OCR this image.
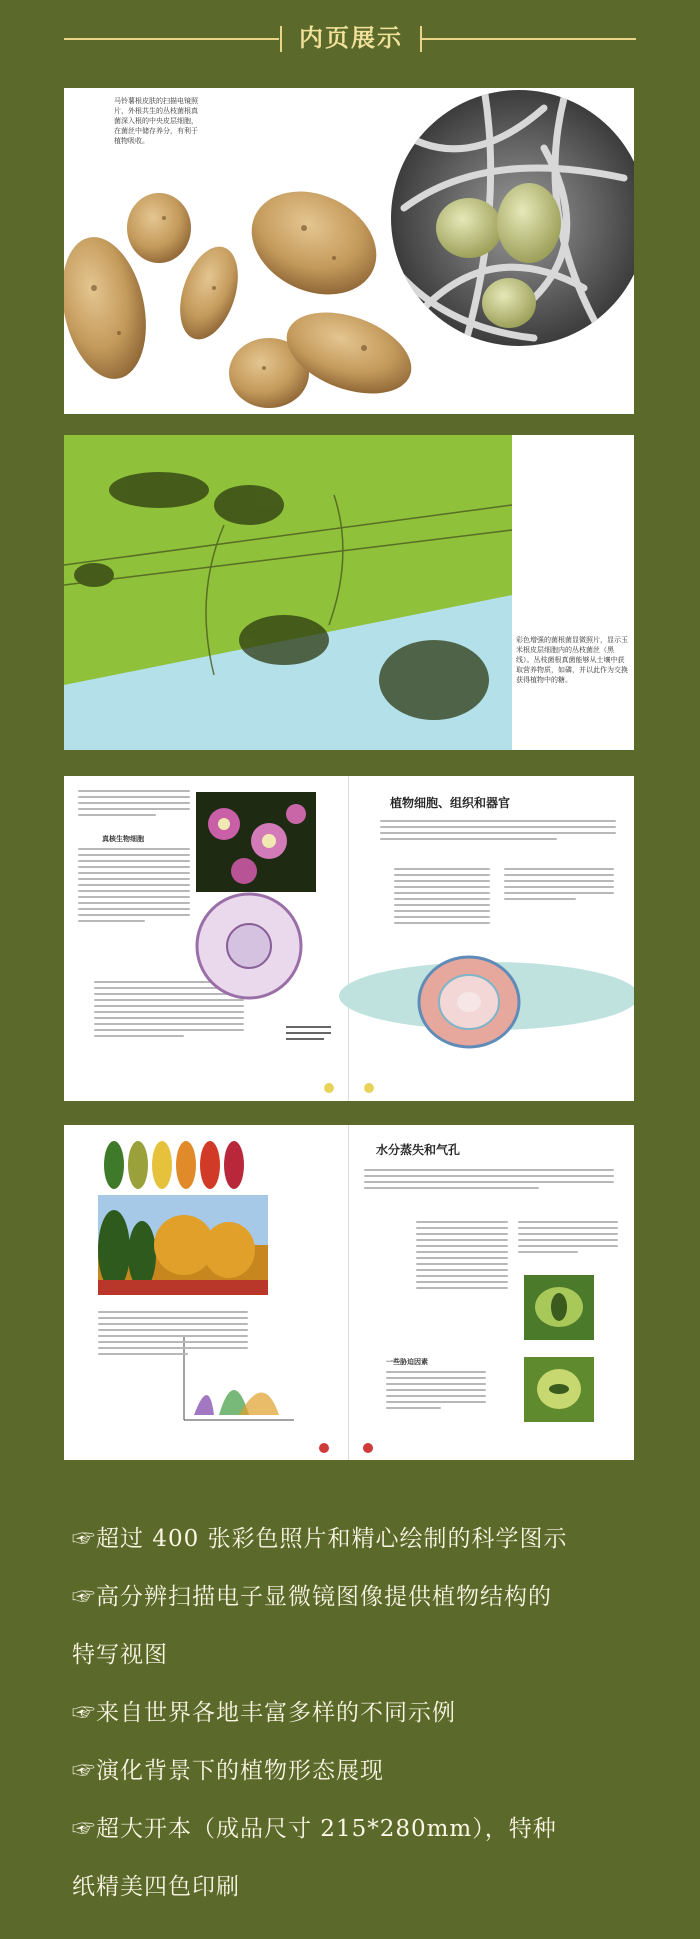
内页展示
马铃薯根皮肤的扫描电镜照片，外根共生的丛枝菌根真菌深入根的中央皮层细胞，在菌丝中储存养分，有利于植物吸收。
彩色增强的菌根菌显微照片，显示玉米根皮层细胞内的丛枝菌丝（黑线）。丛枝菌根真菌能够从土壤中获取营养物质，如磷，并以此作为交换获得植物中的糖。
真核生物细胞
植物细胞、组织和器官
水分蒸失和气孔
一些胁迫因素
☞超过 400 张彩色照片和精心绘制的科学图示
☞高分辨扫描电子显微镜图像提供植物结构的
特写视图
☞来自世界各地丰富多样的不同示例
☞演化背景下的植物形态展现
☞超大开本（成品尺寸 215*280mm），特种
纸精美四色印刷
